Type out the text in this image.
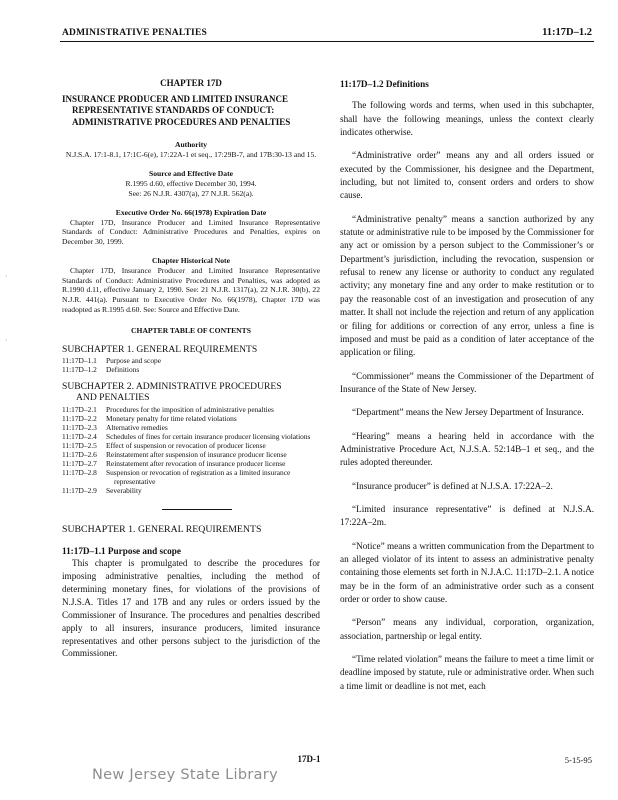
ADMINISTRATIVE PENALTIES	11:17D–1.2
·
·

CHAPTER 17D

INSURANCE PRODUCER AND LIMITED INSURANCE REPRESENTATIVE STANDARDS OF CONDUCT: ADMINISTRATIVE PROCEDURES AND PENALTIES

Authority

N.J.S.A. 17:1-8.1, 17:1C-6(e), 17:22A-1 et seq., 17:29B-7, and 17B:30-13 and 15.

Source and Effective Date

R.1995 d.60, effective December 30, 1994.

See: 26 N.J.R. 4307(a), 27 N.J.R. 562(a).

Executive Order No. 66(1978) Expiration Date

Chapter 17D, Insurance Producer and Limited Insurance Representative Standards of Conduct: Administrative Procedures and Penalties, expires on December 30, 1999.

Chapter Historical Note

Chapter 17D, Insurance Producer and Limited Insurance Representative Standards of Conduct: Administrative Procedures and Penalties, was adopted as R.1990 d.11, effective January 2, 1990. See: 21 N.J.R. 1317(a), 22 N.J.R. 30(b), 22 N.J.R. 441(a). Pursuant to Executive Order No. 66(1978), Chapter 17D was readopted as R.1995 d.60. See: Source and Effective Date.

CHAPTER TABLE OF CONTENTS

SUBCHAPTER 1. GENERAL REQUIREMENTS

11:17D–1.1	Purpose and scope
11:17D–1.2	Definitions

SUBCHAPTER 2. ADMINISTRATIVE PROCEDURES

AND PENALTIES

11:17D–2.1	Procedures for the imposition of administrative penalties
11:17D–2.2	Monetary penalty for time related violations
11:17D–2.3	Alternative remedies
11:17D–2.4	Schedules of fines for certain insurance producer licensing violations
11:17D–2.5	Effect of suspension or revocation of producer license
11:17D–2.6	Reinstatement after suspension of insurance producer license
11:17D–2.7	Reinstatement after revocation of insurance producer license
11:17D–2.8	Suspension or revocation of registration as a limited insurance representative
11:17D–2.9	Severability

SUBCHAPTER 1. GENERAL REQUIREMENTS

11:17D–1.1 Purpose and scope

This chapter is promulgated to describe the procedures for imposing administrative penalties, including the method of determining monetary fines, for violations of the provisions of N.J.S.A. Titles 17 and 17B and any rules or orders issued by the Commissioner of Insurance. The procedures and penalties described apply to all insurers, insurance producers, limited insurance representatives and other persons subject to the jurisdiction of the Commissioner.

11:17D–1.2 Definitions

The following words and terms, when used in this subchapter, shall have the following meanings, unless the context clearly indicates otherwise.

“Administrative order” means any and all orders issued or executed by the Commissioner, his designee and the Department, including, but not limited to, consent orders and orders to show cause.

“Administrative penalty” means a sanction authorized by any statute or administrative rule to be imposed by the Commissioner for any act or omission by a person subject to the Commissioner’s or Department’s jurisdiction, including the revocation, suspension or refusal to renew any license or authority to conduct any regulated activity; any monetary fine and any order to make restitution or to pay the reasonable cost of an investigation and prosecution of any matter. It shall not include the rejection and return of any application or filing for additions or correction of any error, unless a fine is imposed and must be paid as a condition of later acceptance of the application or filing.

“Commissioner” means the Commissioner of the Department of Insurance of the State of New Jersey.

“Department” means the New Jersey Department of Insurance.

“Hearing” means a hearing held in accordance with the Administrative Procedure Act, N.J.S.A. 52:14B–1 et seq., and the rules adopted thereunder.

“Insurance producer” is defined at N.J.S.A. 17:22A–2.

“Limited insurance representative” is defined at N.J.S.A. 17:22A–2m.

“Notice” means a written communication from the Department to an alleged violator of its intent to assess an administrative penalty containing those elements set forth in N.J.A.C. 11:17D–2.1. A notice may be in the form of an administrative order such as a consent order or order to show cause.

“Person” means any individual, corporation, organization, association, partnership or legal entity.

“Time related violation” means the failure to meet a time limit or deadline imposed by statute, rule or administrative order. When such a time limit or deadline is not met, each

17D-1	5-15-95
New Jersey State Library
